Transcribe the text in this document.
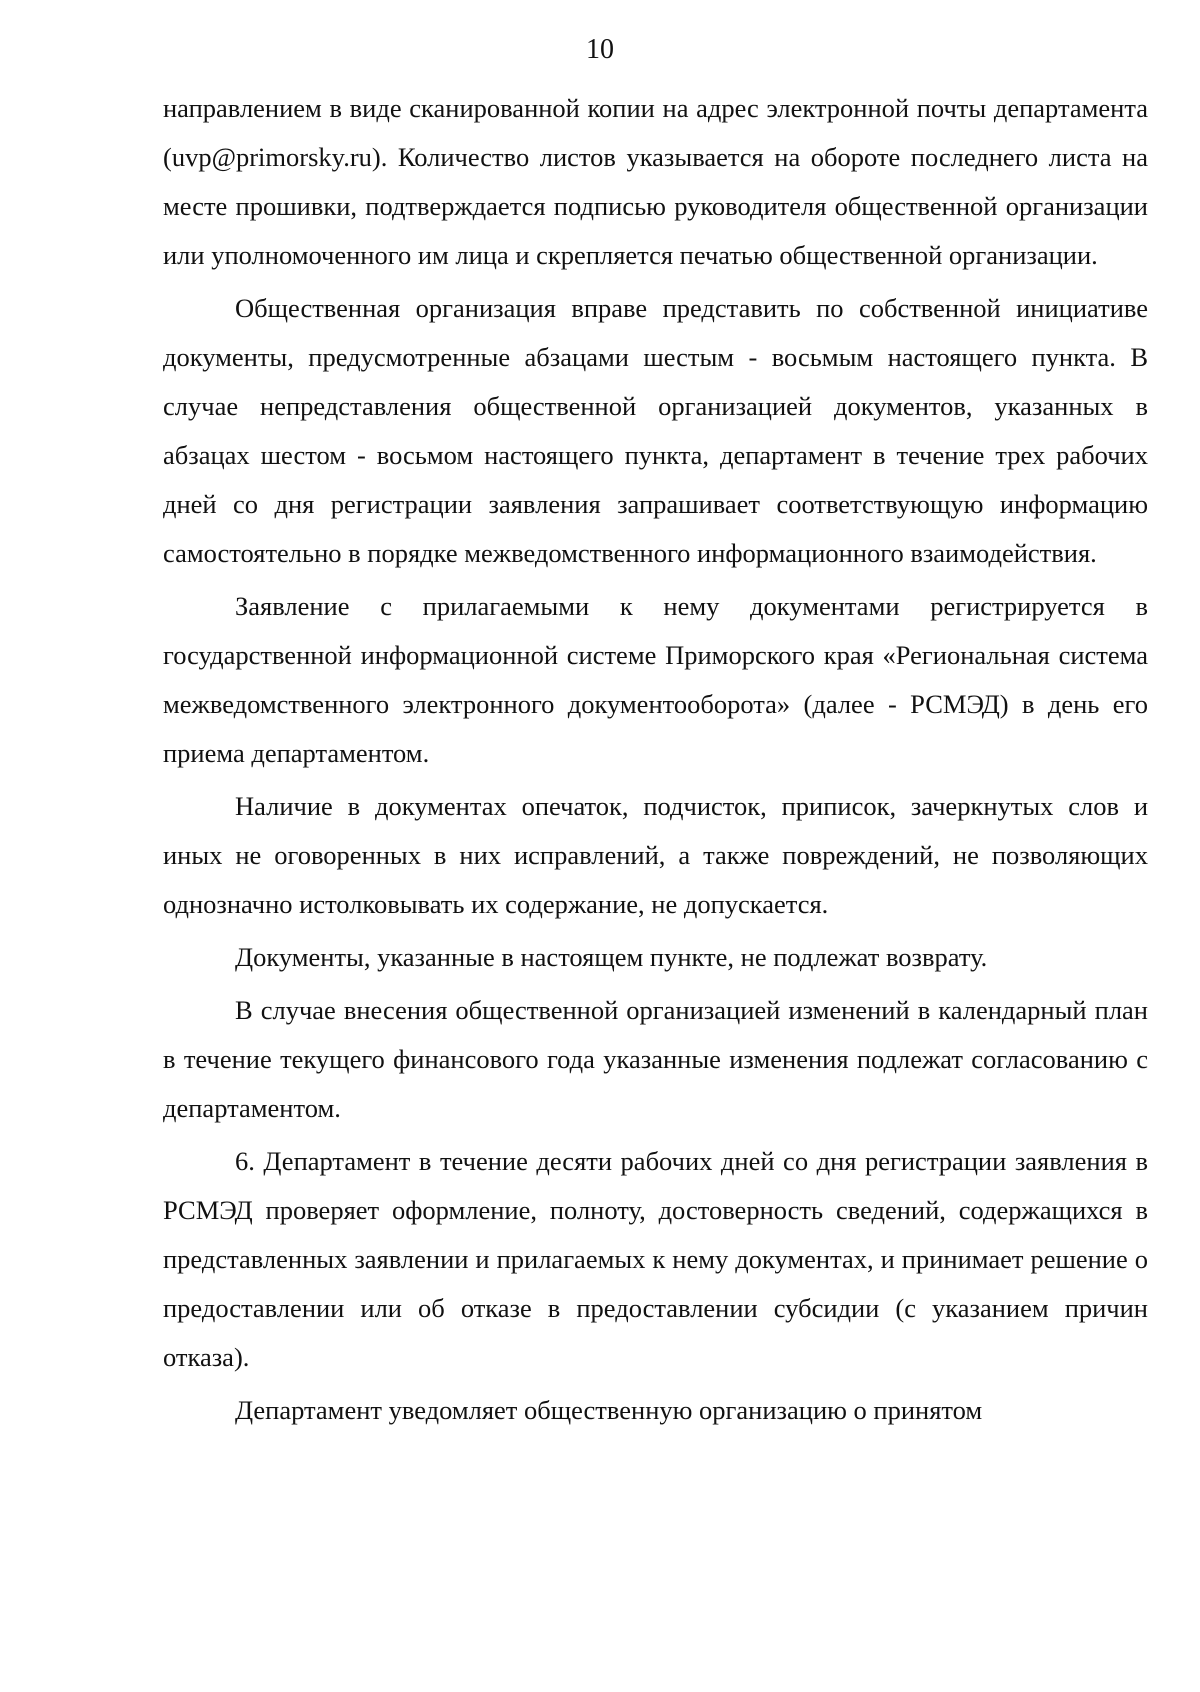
10

направлением в виде сканированной копии на адрес электронной почты департамента (uvp@primorsky.ru). Количество листов указывается на обороте последнего листа на месте прошивки, подтверждается подписью руководителя общественной организации или уполномоченного им лица и скрепляется печатью общественной организации.

Общественная организация вправе представить по собственной инициативе документы, предусмотренные абзацами шестым - восьмым настоящего пункта. В случае непредставления общественной организацией документов, указанных в абзацах шестом - восьмом настоящего пункта, департамент в течение трех рабочих дней со дня регистрации заявления запрашивает соответствующую информацию самостоятельно в порядке межведомственного информационного взаимодействия.

Заявление с прилагаемыми к нему документами регистрируется в государственной информационной системе Приморского края «Региональная система межведомственного электронного документооборота» (далее - РСМЭД) в день его приема департаментом.

Наличие в документах опечаток, подчисток, приписок, зачеркнутых слов и иных не оговоренных в них исправлений, а также повреждений, не позволяющих однозначно истолковывать их содержание, не допускается.

Документы, указанные в настоящем пункте, не подлежат возврату.

В случае внесения общественной организацией изменений в календарный план в течение текущего финансового года указанные изменения подлежат согласованию с департаментом.

6. Департамент в течение десяти рабочих дней со дня регистрации заявления в РСМЭД проверяет оформление, полноту, достоверность сведений, содержащихся в представленных заявлении и прилагаемых к нему документах, и принимает решение о предоставлении или об отказе в предоставлении субсидии (с указанием причин отказа).

Департамент уведомляет общественную организацию о принятом
